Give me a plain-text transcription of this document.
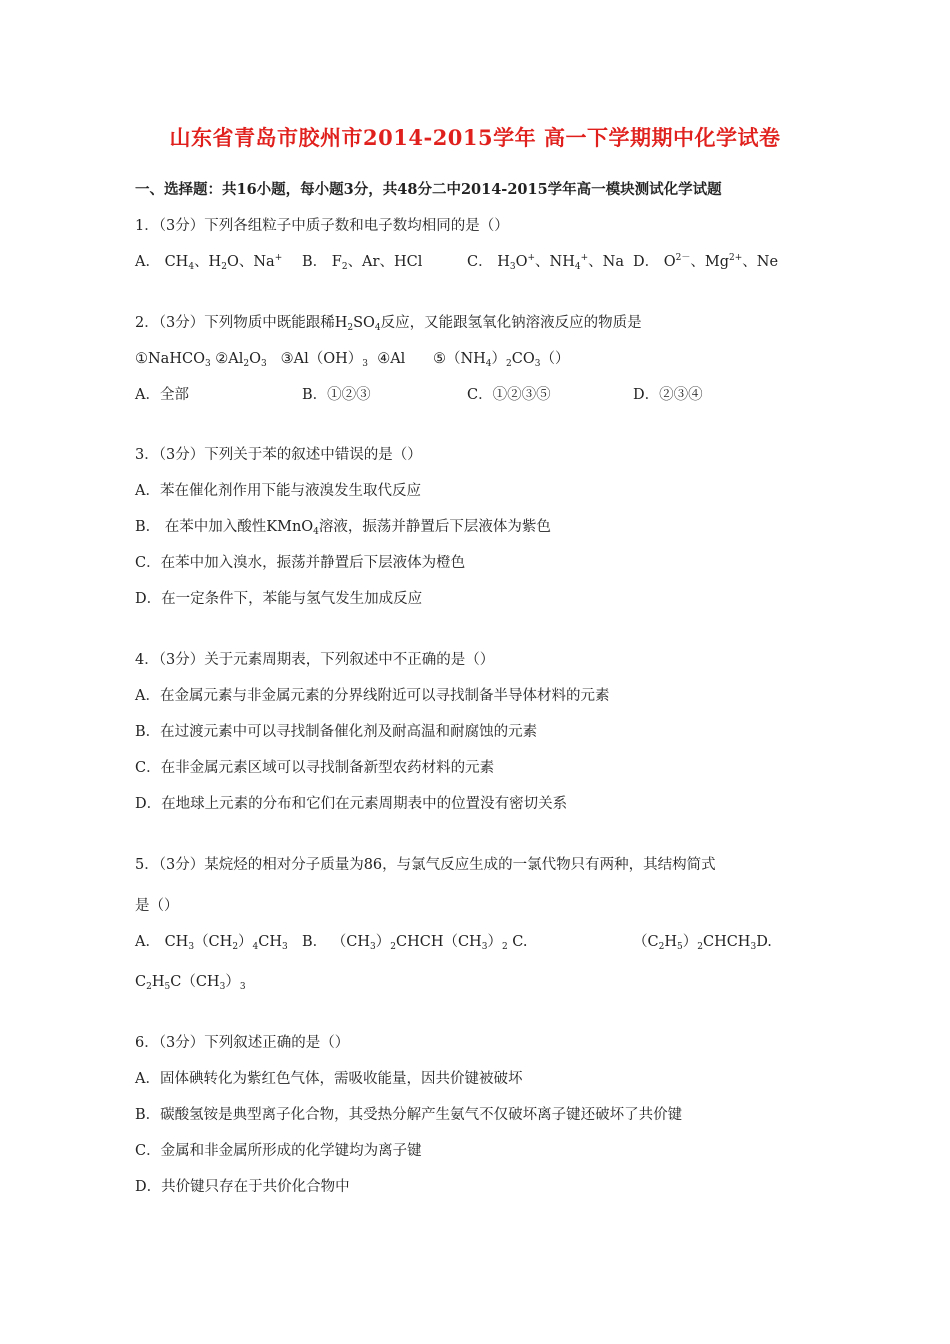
山东省青岛市胶州市2014-2015学年 高一下学期期中化学试卷
一、选择题：共16小题，每小题3分，共48分二中2014-2015学年高一模块测试化学试题
1．（3分）下列各组粒子中质子数和电子数均相同的是（）
A． $CH_4$、$H_2O$、Na+ B． $F_2$、Ar、HCl	C． $H_3O^+$、$NH_4^+$、Na D． $O^{2-}$、$Mg^{2+}$、Ne
2．（3分）下列物质中既能跟稀$H_2SO_4$反应，又能跟氢氧化钠溶液反应的物质是
①NaHCO$_3$ $②Al_2O_3$   $③Al(OH)_3$  ④Al      $⑤(NH_4)_2CO_3()$
A．全部	B．①②③	C．①②③⑤	D．②③④
3．（3分）下列关于苯的叙述中错误的是（）
A．苯在催化剂作用下能与液溴发生取代反应
B． 在苯中加入酸性KMnO$_4$溶液，振荡并静置后下层液体为紫色
C．在苯中加入溴水，振荡并静置后下层液体为橙色
D．在一定条件下，苯能与氢气发生加成反应
4．（3分）关于元素周期表，下列叙述中不正确的是（）
A．在金属元素与非金属元素的分界线附近可以寻找制备半导体材料的元素
B．在过渡元素中可以寻找制备催化剂及耐高温和耐腐蚀的元素
C．在非金属元素区域可以寻找制备新型农药材料的元素
D．在地球上元素的分布和它们在元素周期表中的位置没有密切关系
5．（3分）某烷烃的相对分子质量为86，与氯气反应生成的一氯代物只有两种，其结构简式
是（）
A． $CH_3(CH_2)_4CH_3$ B． $(CH_3)_2CHCH(CH_3)_2$ C.	$(C_2H_5)_2CHCH_3D$.
$C_2H_5C(CH_3)_3$
6．（3分）下列叙述正确的是（）
A．固体碘转化为紫红色气体，需吸收能量，因共价键被破坏
B．碳酸氢铵是典型离子化合物，其受热分解产生氨气不仅破坏离子键还破坏了共价键
C．金属和非金属所形成的化学键均为离子键
D．共价键只存在于共价化合物中
